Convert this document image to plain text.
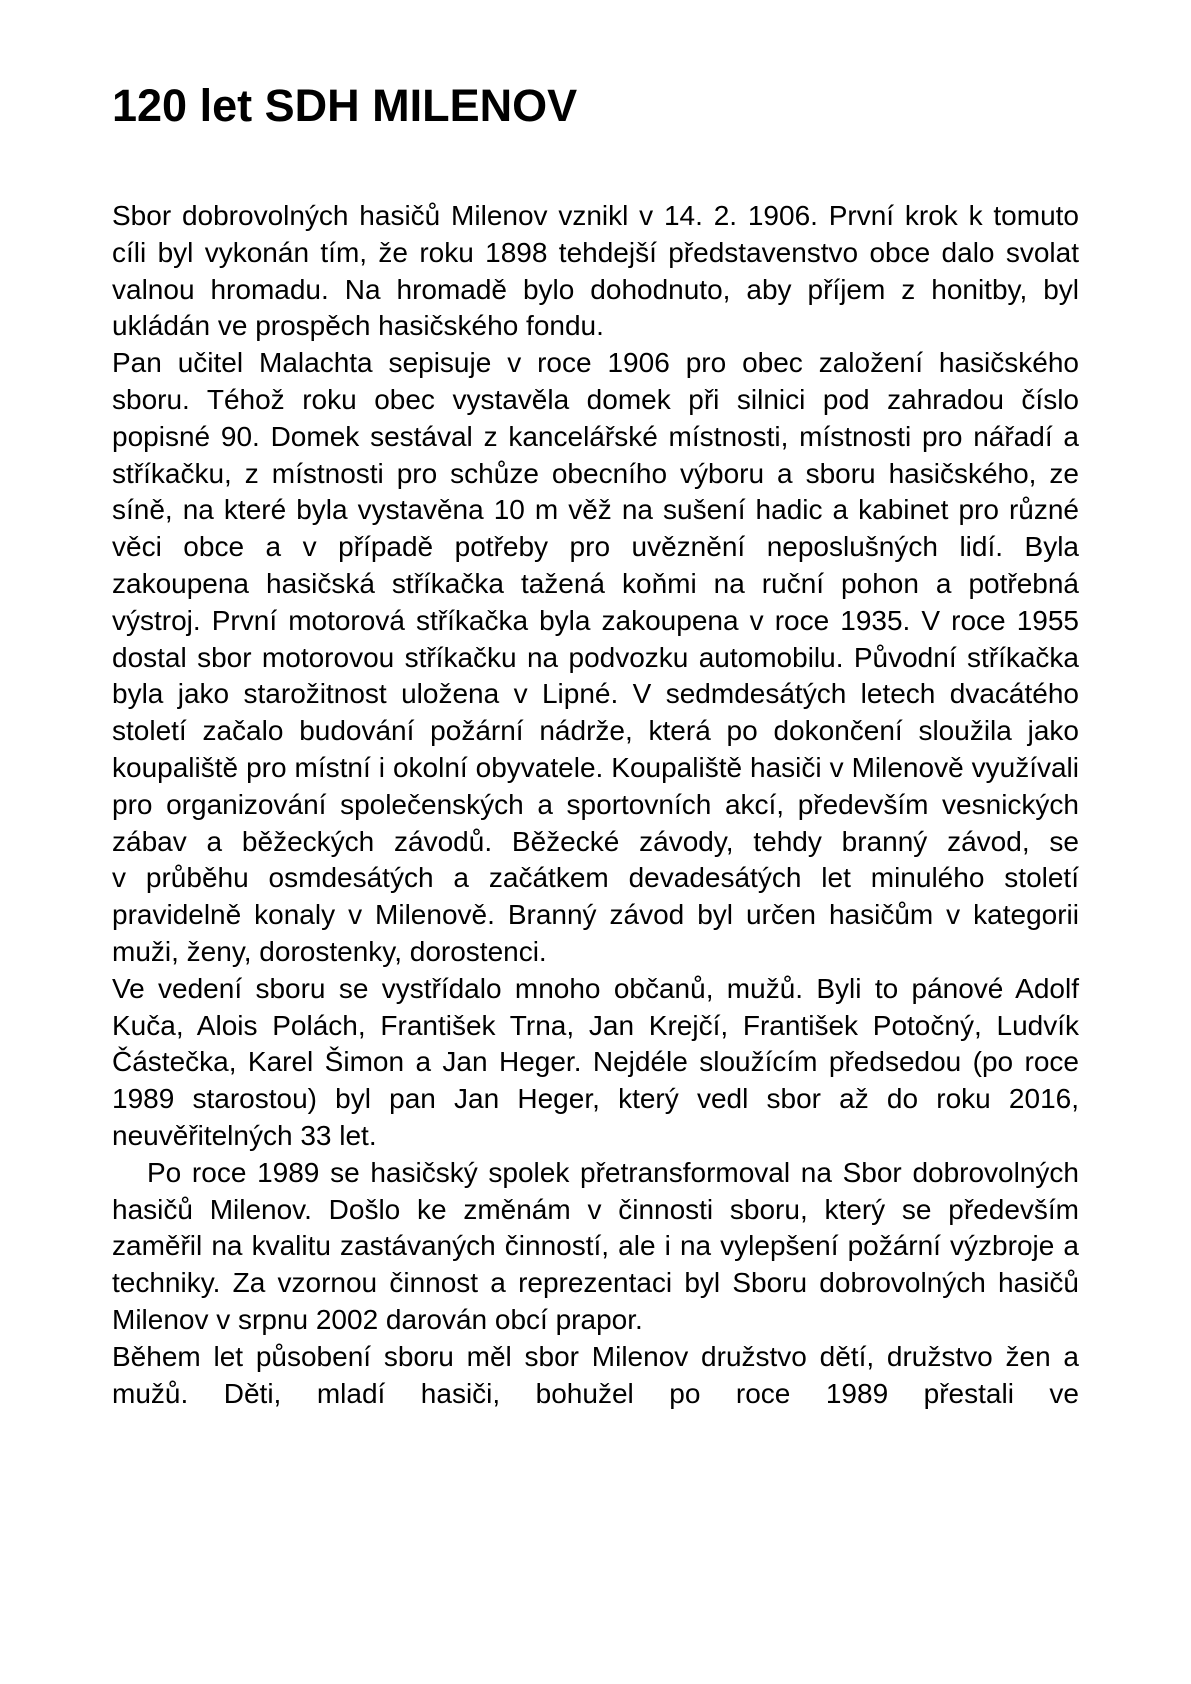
120 let SDH MILENOV

Sbor dobrovolných hasičů Milenov vznikl v 14. 2. 1906. První krok k tomuto cíli byl vykonán tím, že roku 1898 tehdejší představenstvo obce dalo svolat valnou hromadu. Na hromadě bylo dohodnuto, aby příjem z honitby, byl ukládán ve prospěch hasičského fondu.

Pan učitel Malachta sepisuje v roce 1906 pro obec založení hasičského sboru. Téhož roku obec vystavěla domek při silnici pod zahradou číslo popisné 90. Domek sestával z kancelářské místnosti, místnosti pro nářadí a stříkačku, z místnosti pro schůze obecního výboru a sboru hasičského, ze síně, na které byla vystavěna 10 m věž na sušení hadic a kabinet pro různé věci obce a v případě potřeby pro uvěznění neposlušných lidí. Byla zakoupena hasičská stříkačka tažená koňmi na ruční pohon a potřebná výstroj. První motorová stříkačka byla zakoupena v roce 1935. V roce 1955 dostal sbor motorovou stříkačku na podvozku automobilu. Původní stříkačka byla jako starožitnost uložena v Lipné. V sedmdesátých letech dvacátého století začalo budování požární nádrže, která po dokončení sloužila jako koupaliště pro místní i okolní obyvatele. Koupaliště hasiči v Milenově využívali pro organizování společenských a sportovních akcí, především vesnických zábav a běžeckých závodů. Běžecké závody, tehdy branný závod, se v průběhu osmdesátých a začátkem devadesátých let minulého století pravidelně konaly v Milenově. Branný závod byl určen hasičům v kategorii muži, ženy, dorostenky, dorostenci.

Ve vedení sboru se vystřídalo mnoho občanů, mužů. Byli to pánové Adolf Kuča, Alois Polách, František Trna, Jan Krejčí, František Potočný, Ludvík Částečka, Karel Šimon a Jan Heger. Nejdéle sloužícím předsedou (po roce 1989 starostou) byl pan Jan Heger, který vedl sbor až do roku 2016, neuvěřitelných 33 let.

Po roce 1989 se hasičský spolek přetransformoval na Sbor dobrovolných hasičů Milenov. Došlo ke změnám v činnosti sboru, který se především zaměřil na kvalitu zastávaných činností, ale i na vylepšení požární výzbroje a techniky. Za vzornou činnost a reprezentaci byl Sboru dobrovolných hasičů Milenov v srpnu 2002 darován obcí prapor.

Během let působení sboru měl sbor Milenov družstvo dětí, družstvo žen a mužů. Děti, mladí hasiči, bohužel po roce 1989 přestali ve
